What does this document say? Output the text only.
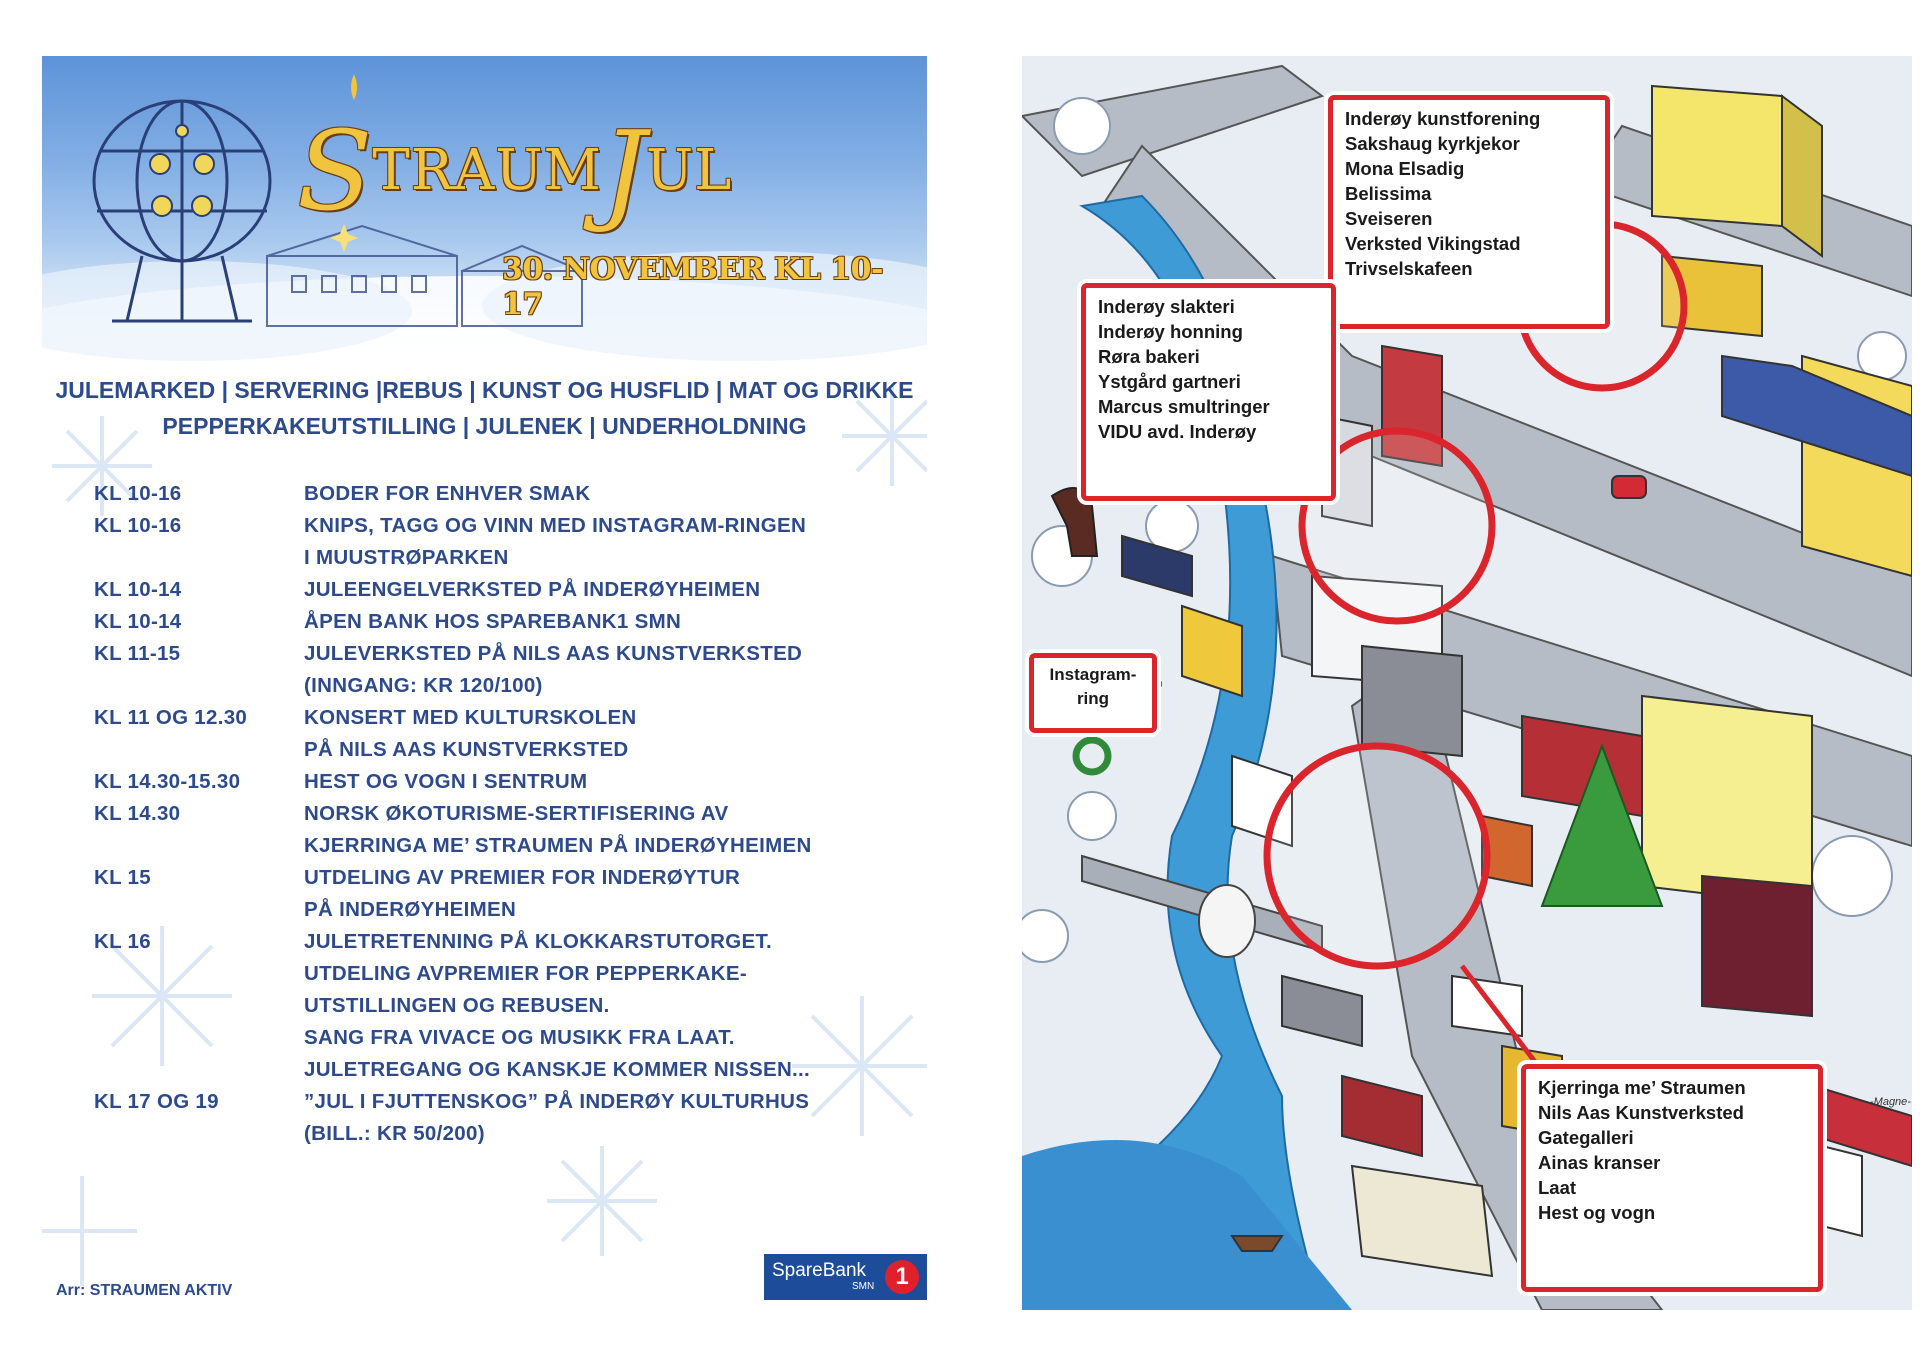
STRAUMJUL
30. NOVEMBER KL 10-17
JULEMARKED | SERVERING |REBUS | KUNST OG HUSFLID | MAT OG DRIKKE
PEPPERKAKEUTSTILLING | JULENEK | UNDERHOLDNING
KL 10-16	BODER FOR ENHVER SMAK
KL 10-16	KNIPS, TAGG OG VINN MED INSTAGRAM-RINGEN
I MUUSTRØPARKEN
KL 10-14	JULEENGELVERKSTED PÅ INDERØYHEIMEN
KL 10-14	ÅPEN BANK HOS SPAREBANK1 SMN
KL 11-15	JULEVERKSTED PÅ NILS AAS KUNSTVERKSTED
(INNGANG: KR 120/100)
KL 11 OG 12.30	KONSERT MED KULTURSKOLEN
PÅ NILS AAS KUNSTVERKSTED
KL 14.30-15.30	HEST OG VOGN I SENTRUM
KL 14.30	NORSK ØKOTURISME-SERTIFISERING AV
KJERRINGA ME’ STRAUMEN PÅ INDERØYHEIMEN
KL 15	UTDELING AV PREMIER FOR INDERØYTUR
PÅ INDERØYHEIMEN
KL 16	JULETRETENNING PÅ KLOKKARSTUTORGET.
UTDELING AVPREMIER FOR PEPPERKAKE-
UTSTILLINGEN OG REBUSEN.
SANG FRA VIVACE OG MUSIKK FRA LAAT.
JULETREGANG OG KANSKJE KOMMER NISSEN...
KL 17 OG 19	”JUL I FJUTTENSKOG” PÅ INDERØY KULTURHUS
(BILL.: KR 50/200)
Arr: STRAUMEN AKTIV
SpareBank
SMN 1
Inderøy kunstforening
Sakshaug kyrkjekor
Mona Elsadig
Belissima
Sveiseren
Verksted Vikingstad
Trivselskafeen
Inderøy slakteri
Inderøy honning
Røra bakeri
Ystgård gartneri
Marcus smultringer
VIDU avd. Inderøy
Instagram-
ring
Kjerringa me’ Straumen
Nils Aas Kunstverksted
Gategalleri
Ainas kranser
Laat
Hest og vogn
-Magne-
